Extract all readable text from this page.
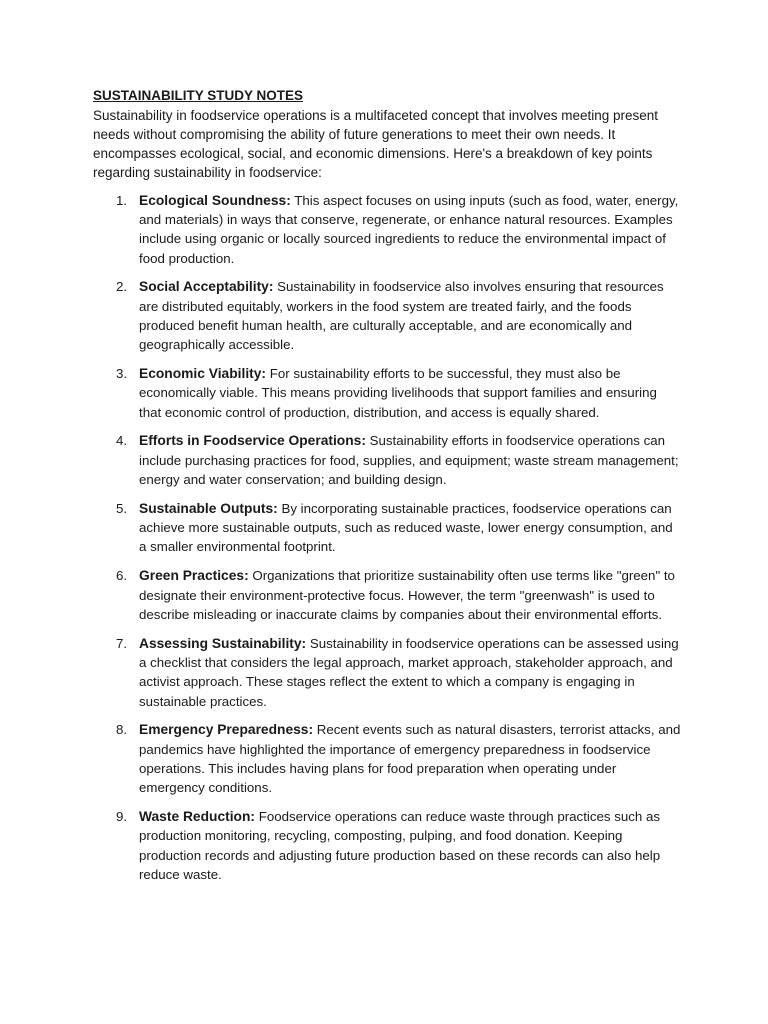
SUSTAINABILITY STUDY NOTES

Sustainability in foodservice operations is a multifaceted concept that involves meeting present needs without compromising the ability of future generations to meet their own needs. It encompasses ecological, social, and economic dimensions. Here's a breakdown of key points regarding sustainability in foodservice:

1. Ecological Soundness: This aspect focuses on using inputs (such as food, water, energy, and materials) in ways that conserve, regenerate, or enhance natural resources. Examples include using organic or locally sourced ingredients to reduce the environmental impact of food production.
2. Social Acceptability: Sustainability in foodservice also involves ensuring that resources are distributed equitably, workers in the food system are treated fairly, and the foods produced benefit human health, are culturally acceptable, and are economically and geographically accessible.
3. Economic Viability: For sustainability efforts to be successful, they must also be economically viable. This means providing livelihoods that support families and ensuring that economic control of production, distribution, and access is equally shared.
4. Efforts in Foodservice Operations: Sustainability efforts in foodservice operations can include purchasing practices for food, supplies, and equipment; waste stream management; energy and water conservation; and building design.
5. Sustainable Outputs: By incorporating sustainable practices, foodservice operations can achieve more sustainable outputs, such as reduced waste, lower energy consumption, and a smaller environmental footprint.
6. Green Practices: Organizations that prioritize sustainability often use terms like "green" to designate their environment-protective focus. However, the term "greenwash" is used to describe misleading or inaccurate claims by companies about their environmental efforts.
7. Assessing Sustainability: Sustainability in foodservice operations can be assessed using a checklist that considers the legal approach, market approach, stakeholder approach, and activist approach. These stages reflect the extent to which a company is engaging in sustainable practices.
8. Emergency Preparedness: Recent events such as natural disasters, terrorist attacks, and pandemics have highlighted the importance of emergency preparedness in foodservice operations. This includes having plans for food preparation when operating under emergency conditions.
9. Waste Reduction: Foodservice operations can reduce waste through practices such as production monitoring, recycling, composting, pulping, and food donation. Keeping production records and adjusting future production based on these records can also help reduce waste.
